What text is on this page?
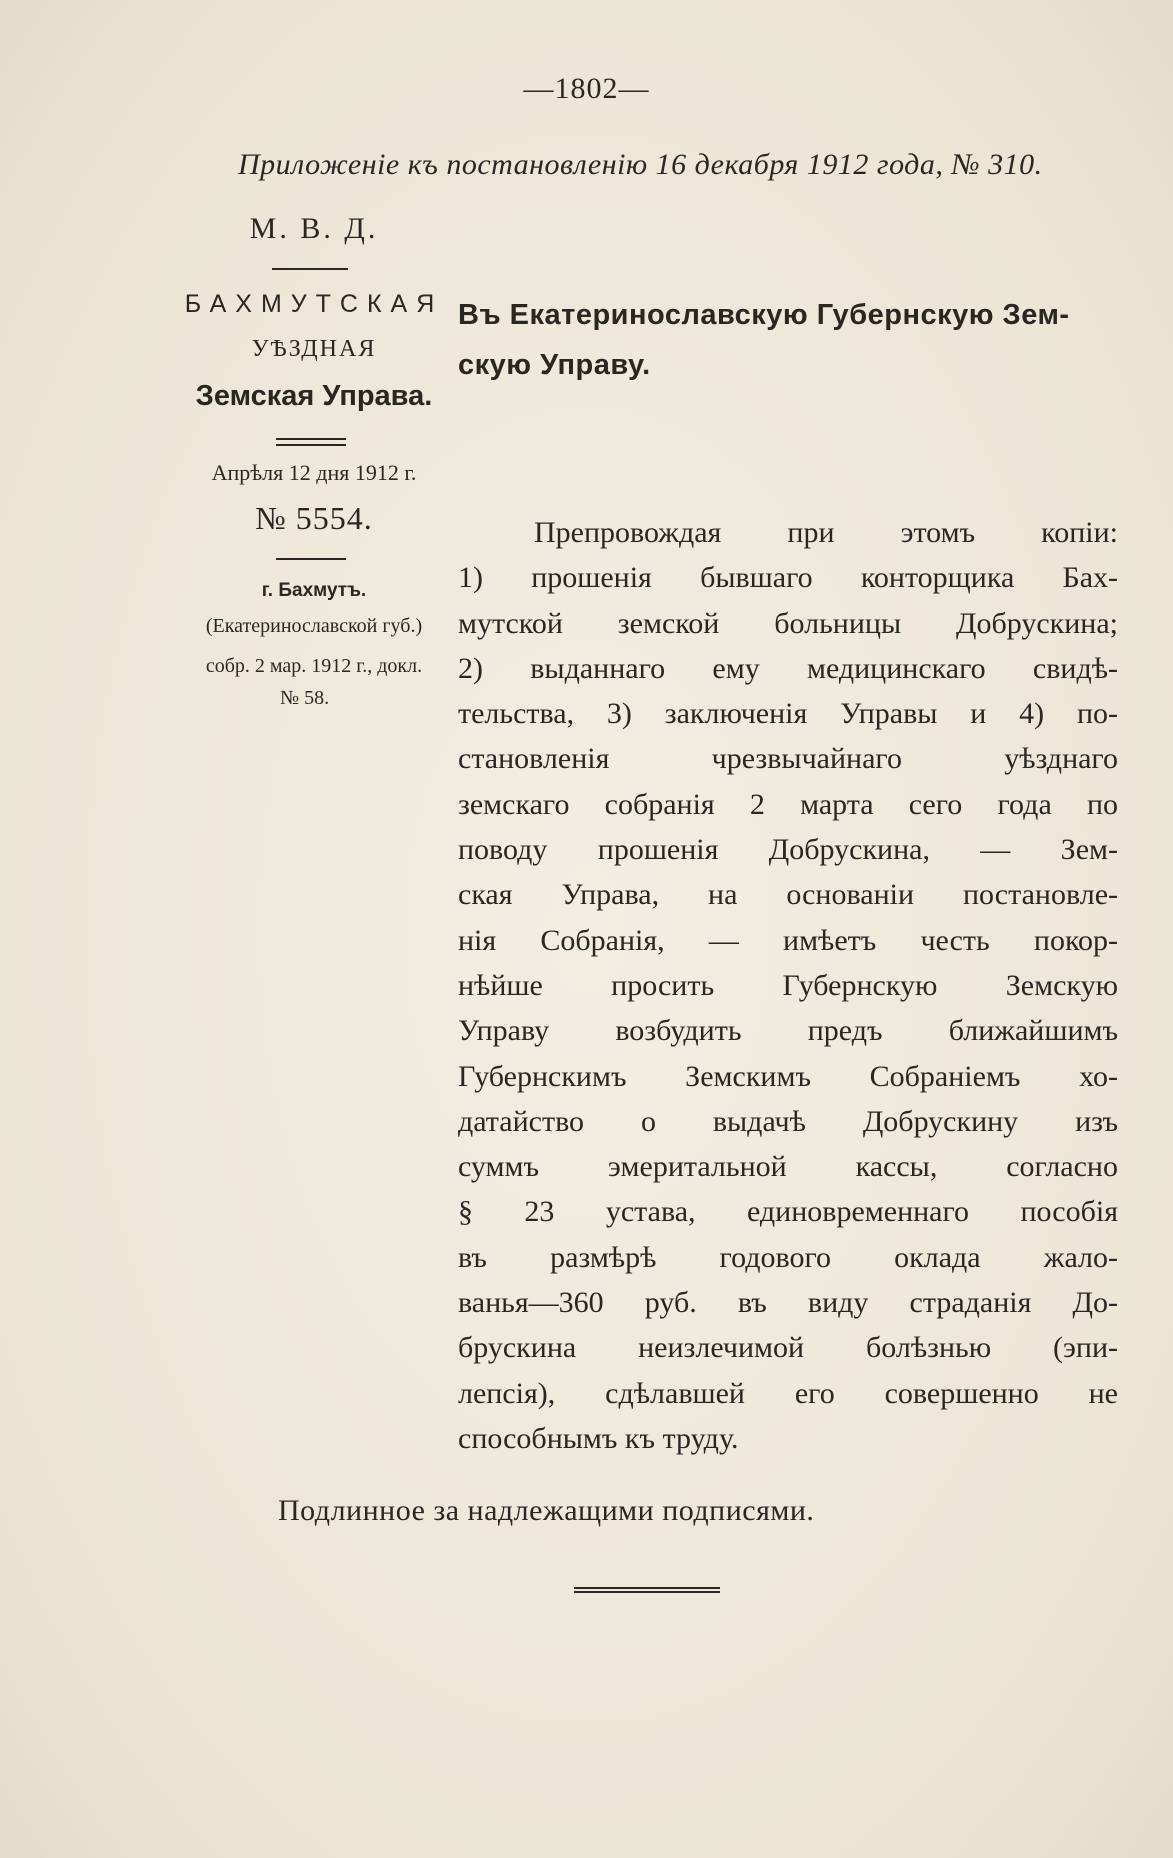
—1802—
Приложеніе къ постановленію 16 декабря 1912 года, № 310.
М. В. Д.
БАХМУТСКАЯ
УѢЗДНАЯ
Земская Управа.
Апрѣля 12 дня 1912 г.
№ 5554.
г. Бахмутъ.
(Екатеринославской губ.)
собр. 2 мар. 1912 г., докл.
№ 58.
Въ Екатеринославскую Губернскую Зем-
скую Управу.
Препровождая при этомъ копіи:
1) прошенія бывшаго конторщика Бах-
мутской земской больницы Добрускина;
2) выданнаго ему медицинскаго свидѣ-
тельства, 3) заключенія Управы и 4) по-
становленія чрезвычайнаго уѣзднаго
земскаго собранія 2 марта сего года по
поводу прошенія Добрускина, — Зем-
ская Управа, на основаніи постановле-
нія Собранія, — имѣетъ честь покор-
нѣйше просить Губернскую Земскую
Управу возбудить предъ ближайшимъ
Губернскимъ Земскимъ Собраніемъ хо-
датайство о выдачѣ Добрускину изъ
суммъ эмеритальной кассы, согласно
§ 23 устава, единовременнаго пособія
въ размѣрѣ годового оклада жало-
ванья—360 руб. въ виду страданія До-
брускина неизлечимой болѣзнью (эпи-
лепсія), сдѣлавшей его совершенно не
способнымъ къ труду.
Подлинное за надлежащими подписями.
